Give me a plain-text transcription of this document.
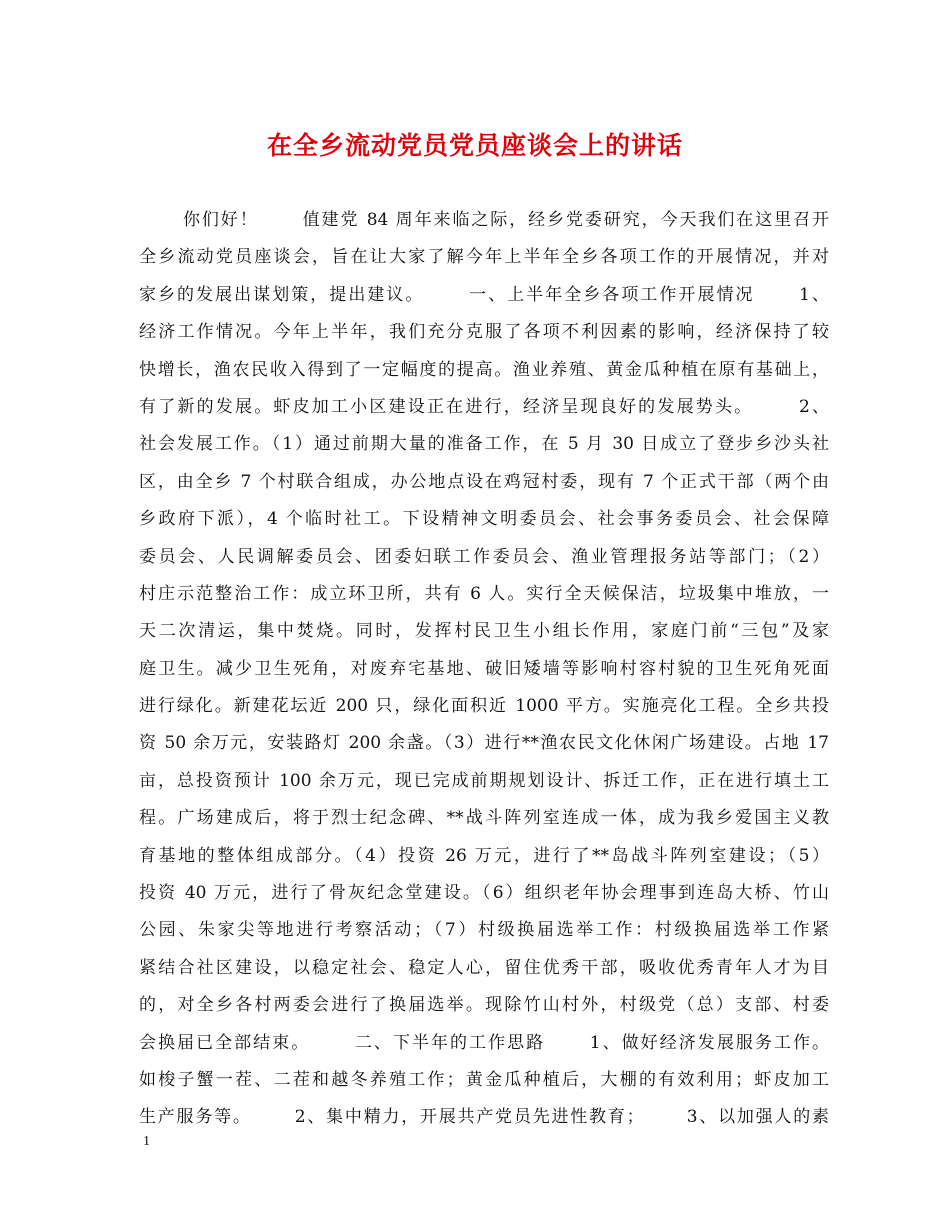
在全乡流动党员党员座谈会上的讲话
你们好！      值建党 84 周年来临之际，经乡党委研究，今天我们在这里召开
全乡流动党员座谈会，旨在让大家了解今年上半年全乡各项工作的开展情况，并对
家乡的发展出谋划策，提出建议。      一、上半年全乡各项工作开展情况      1、
经济工作情况。今年上半年，我们充分克服了各项不利因素的影响，经济保持了较
快增长，渔农民收入得到了一定幅度的提高。渔业养殖、黄金瓜种植在原有基础上，
有了新的发展。虾皮加工小区建设正在进行，经济呈现良好的发展势头。      2、
社会发展工作。（1）通过前期大量的准备工作，在 5 月 30 日成立了登步乡沙头社
区，由全乡 7 个村联合组成，办公地点设在鸡冠村委，现有 7 个正式干部（两个由
乡政府下派），4 个临时社工。下设精神文明委员会、社会事务委员会、社会保障
委员会、人民调解委员会、团委妇联工作委员会、渔业管理报务站等部门；（2）
村庄示范整治工作：成立环卫所，共有 6 人。实行全天候保洁，垃圾集中堆放，一
天二次清运，集中焚烧。同时，发挥村民卫生小组长作用，家庭门前“三包”及家
庭卫生。减少卫生死角，对废弃宅基地、破旧矮墙等影响村容村貌的卫生死角死面
进行绿化。新建花坛近 200 只，绿化面积近 1000 平方。实施亮化工程。全乡共投
资 50 余万元，安装路灯 200 余盏。（3）进行**渔农民文化休闲广场建设。占地 17
亩，总投资预计 100 余万元，现已完成前期规划设计、拆迁工作，正在进行填土工
程。广场建成后，将于烈士纪念碑、**战斗阵列室连成一体，成为我乡爱国主义教
育基地的整体组成部分。（4）投资 26 万元，进行了**岛战斗阵列室建设；（5）
投资 40 万元，进行了骨灰纪念堂建设。（6）组织老年协会理事到连岛大桥、竹山
公园、朱家尖等地进行考察活动；（7）村级换届选举工作：村级换届选举工作紧
紧结合社区建设，以稳定社会、稳定人心，留住优秀干部，吸收优秀青年人才为目
的，对全乡各村两委会进行了换届选举。现除竹山村外，村级党（总）支部、村委
会换届已全部结束。      二、下半年的工作思路      1、做好经济发展服务工作。
如梭子蟹一茬、二茬和越冬养殖工作；黄金瓜种植后，大棚的有效利用；虾皮加工
生产服务等。      2、集中精力，开展共产党员先进性教育；      3、以加强人的素
1
